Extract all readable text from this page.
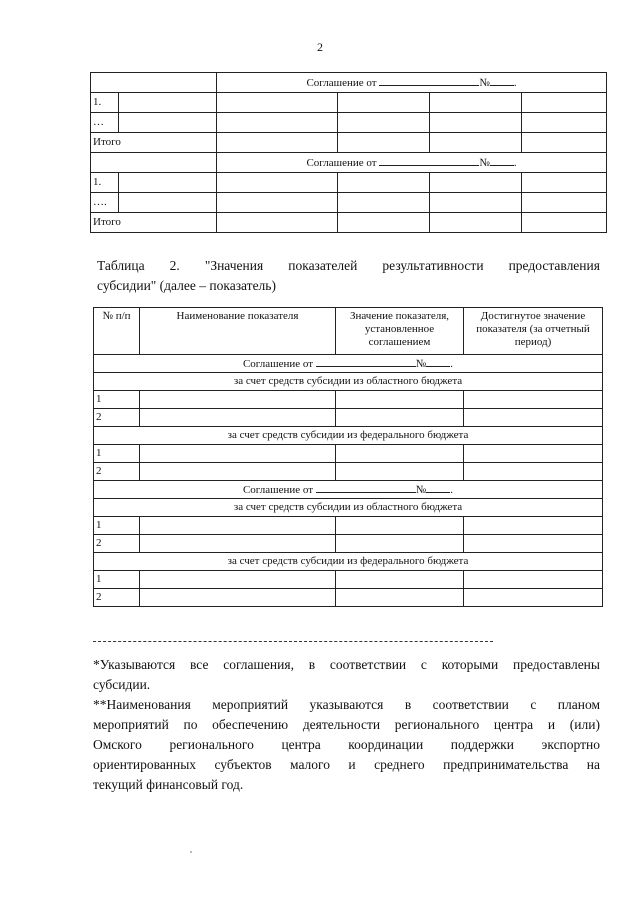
2
		Соглашение от № .			
1.					
…					
Итого					
		Соглашение от № .			
1.					
….					
Итого					
Таблица 2. "Значения показателей результативности предоставления
субсидии" (далее – показатель)
№ п/п	Наименование показателя	Значение показателя, установленное соглашением	Достигнутое значение показателя (за отчетный период)
Соглашение от № .			
за счет средств субсидии из областного бюджета			
1			
2			
за счет средств субсидии из федерального бюджета			
1			
2			
Соглашение от № .			
за счет средств субсидии из областного бюджета			
1			
2			
за счет средств субсидии из федерального бюджета			
1			
2			
*Указываются все соглашения, в соответствии с которыми предоставлены
субсидии.
**Наименования мероприятий указываются в соответствии с планом
мероприятий по обеспечению деятельности регионального центра и (или)
Омского регионального центра координации поддержки экспортно
ориентированных субъектов малого и среднего предпринимательства на
текущий финансовый год.
